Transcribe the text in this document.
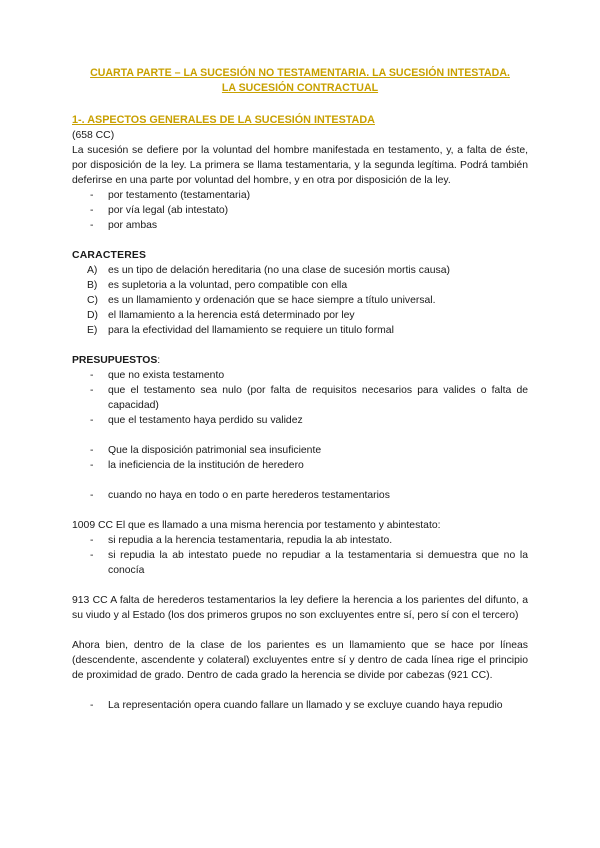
CUARTA PARTE – LA SUCESIÓN NO TESTAMENTARIA. LA SUCESIÓN INTESTADA.
LA SUCESIÓN CONTRACTUAL

1-. ASPECTOS GENERALES DE LA SUCESIÓN INTESTADA

(658 CC)

La sucesión se defiere por la voluntad del hombre manifestada en testamento, y, a falta de éste, por disposición de la ley. La primera se llama testamentaria, y la segunda legítima. Podrá también deferirse en una parte por voluntad del hombre, y en otra por disposición de la ley.

- por testamento (testamentaria)
- por vía legal (ab intestato)
- por ambas

CARACTERES

A) es un tipo de delación hereditaria (no una clase de sucesión mortis causa)
B) es supletoria a la voluntad, pero compatible con ella
C) es un llamamiento y ordenación que se hace siempre a título universal.
D) el llamamiento a la herencia está determinado por ley
E) para la efectividad del llamamiento se requiere un titulo formal

PRESUPUESTOS:

- que no exista testamento
- que el testamento sea nulo (por falta de requisitos necesarios para valides o falta de capacidad)
- que el testamento haya perdido su validez
- Que la disposición patrimonial sea insuficiente
- la ineficiencia de la institución de heredero
- cuando no haya en todo o en parte herederos testamentarios

1009 CC El que es llamado a una misma herencia por testamento y abintestato:

- si repudia a la herencia testamentaria, repudia la ab intestato.
- si repudia la ab intestato puede no repudiar a la testamentaria si demuestra que no la conocía

913 CC A falta de herederos testamentarios la ley defiere la herencia a los parientes del difunto, a su viudo y al Estado (los dos primeros grupos no son excluyentes entre sí, pero sí con el tercero)

Ahora bien, dentro de la clase de los parientes es un llamamiento que se hace por líneas (descendente, ascendente y colateral) excluyentes entre sí y dentro de cada línea rige el principio de proximidad de grado. Dentro de cada grado la herencia se divide por cabezas (921 CC).

- La representación opera cuando fallare un llamado y se excluye cuando haya repudio
